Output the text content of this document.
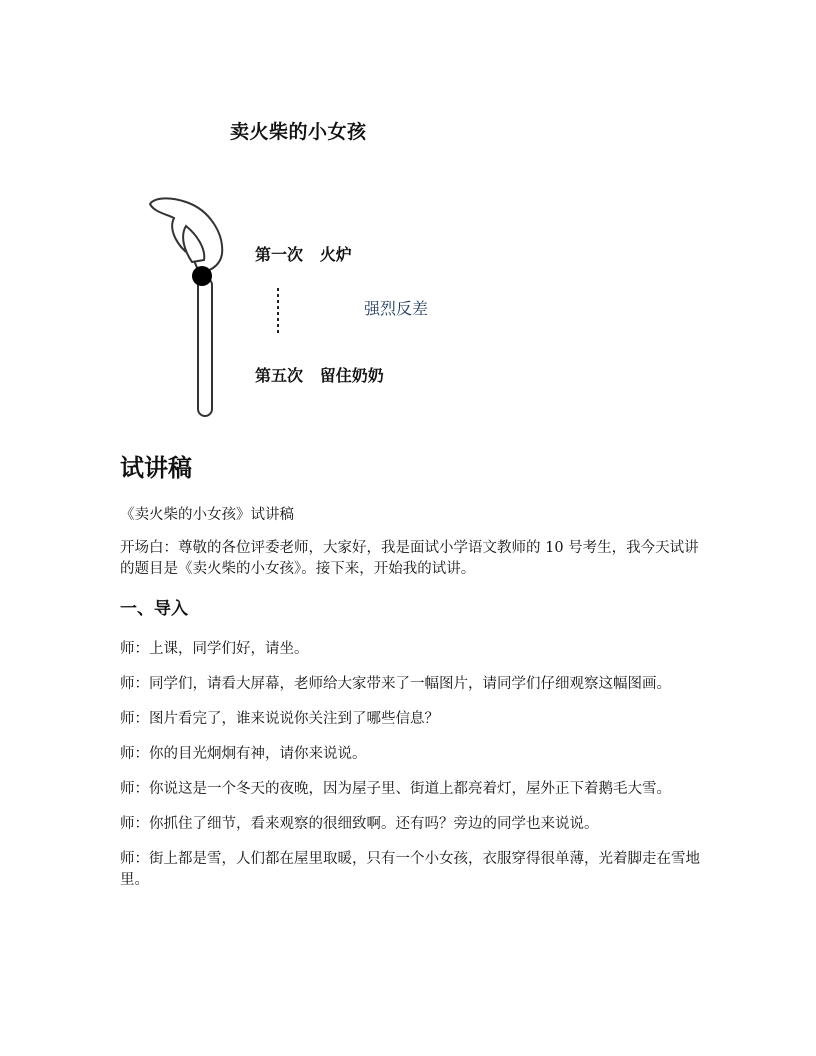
卖火柴的小女孩
第一次   火炉
强烈反差
第五次   留住奶奶
试讲稿

《卖火柴的小女孩》试讲稿

开场白：尊敬的各位评委老师，大家好，我是面试小学语文教师的 10 号考生，我今天试讲的题目是《卖火柴的小女孩》。接下来，开始我的试讲。

一、导入

师：上课，同学们好，请坐。

师：同学们，请看大屏幕，老师给大家带来了一幅图片，请同学们仔细观察这幅图画。

师：图片看完了，谁来说说你关注到了哪些信息？

师：你的目光炯炯有神，请你来说说。

师：你说这是一个冬天的夜晚，因为屋子里、街道上都亮着灯，屋外正下着鹅毛大雪。

师：你抓住了细节，看来观察的很细致啊。还有吗？旁边的同学也来说说。

师：街上都是雪，人们都在屋里取暖，只有一个小女孩，衣服穿得很单薄，光着脚走在雪地里。
